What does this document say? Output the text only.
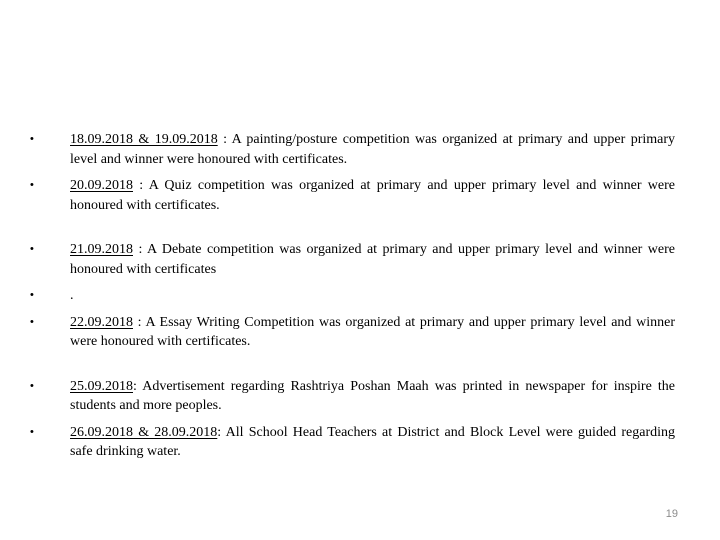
•	18.09.2018 & 19.09.2018 : A painting/posture competition was organized at primary and upper primary level and winner were honoured with certificates.
•	20.09.2018 : A Quiz competition was organized at primary and upper primary level and winner were honoured with certificates.
•	21.09.2018 : A Debate competition was organized at primary and upper primary level and winner were honoured with certificates
•	.
•	22.09.2018 : A Essay Writing Competition was organized at primary and upper primary level and winner were honoured with certificates.
•	25.09.2018: Advertisement regarding Rashtriya Poshan Maah was printed in newspaper for inspire the students and more peoples.
•	26.09.2018 & 28.09.2018: All School Head Teachers at District and Block Level were guided regarding safe drinking water.
19
